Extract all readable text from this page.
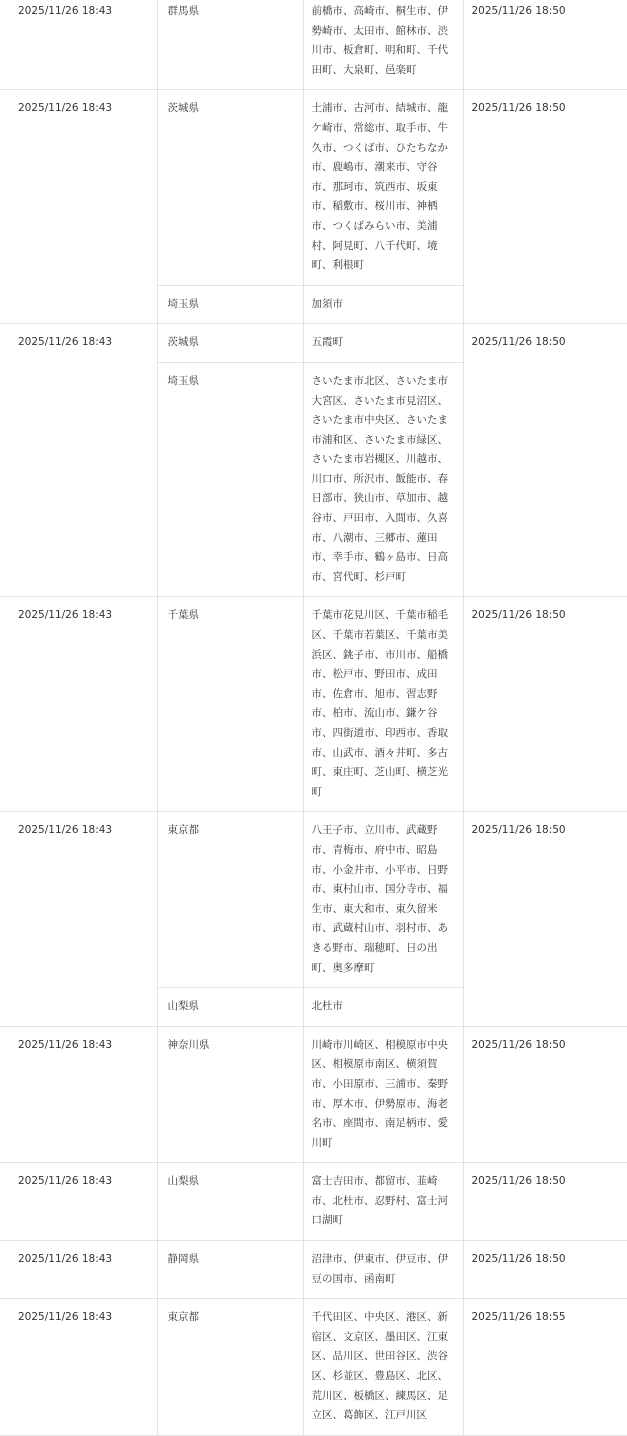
2025/11/26 18:43	群馬県	前橋市、高崎市、桐生市、伊勢崎市、太田市、館林市、渋川市、板倉町、明和町、千代田町、大泉町、邑楽町	2025/11/26 18:50
2025/11/26 18:43	茨城県	土浦市、古河市、結城市、龍ケ崎市、常総市、取手市、牛久市、つくば市、ひたちなか市、鹿嶋市、潮来市、守谷市、那珂市、筑西市、坂東市、稲敷市、桜川市、神栖市、つくばみらい市、美浦村、阿見町、八千代町、境町、利根町	2025/11/26 18:50
	埼玉県	加須市	
2025/11/26 18:43	茨城県	五霞町	2025/11/26 18:50
	埼玉県	さいたま市北区、さいたま市大宮区、さいたま市見沼区、さいたま市中央区、さいたま市浦和区、さいたま市緑区、さいたま市岩槻区、川越市、川口市、所沢市、飯能市、春日部市、狭山市、草加市、越谷市、戸田市、入間市、久喜市、八潮市、三郷市、蓮田市、幸手市、鶴ヶ島市、日高市、宮代町、杉戸町	
2025/11/26 18:43	千葉県	千葉市花見川区、千葉市稲毛区、千葉市若葉区、千葉市美浜区、銚子市、市川市、船橋市、松戸市、野田市、成田市、佐倉市、旭市、習志野市、柏市、流山市、鎌ケ谷市、四街道市、印西市、香取市、山武市、酒々井町、多古町、東庄町、芝山町、横芝光町	2025/11/26 18:50
2025/11/26 18:43	東京都	八王子市、立川市、武蔵野市、青梅市、府中市、昭島市、小金井市、小平市、日野市、東村山市、国分寺市、福生市、東大和市、東久留米市、武蔵村山市、羽村市、あきる野市、瑞穂町、日の出町、奥多摩町	2025/11/26 18:50
	山梨県	北杜市	
2025/11/26 18:43	神奈川県	川崎市川崎区、相模原市中央区、相模原市南区、横須賀市、小田原市、三浦市、秦野市、厚木市、伊勢原市、海老名市、座間市、南足柄市、愛川町	2025/11/26 18:50
2025/11/26 18:43	山梨県	富士吉田市、都留市、韮崎市、北杜市、忍野村、富士河口湖町	2025/11/26 18:50
2025/11/26 18:43	静岡県	沼津市、伊東市、伊豆市、伊豆の国市、函南町	2025/11/26 18:50
2025/11/26 18:43	東京都	千代田区、中央区、港区、新宿区、文京区、墨田区、江東区、品川区、世田谷区、渋谷区、杉並区、豊島区、北区、荒川区、板橋区、練馬区、足立区、葛飾区、江戸川区	2025/11/26 18:55
